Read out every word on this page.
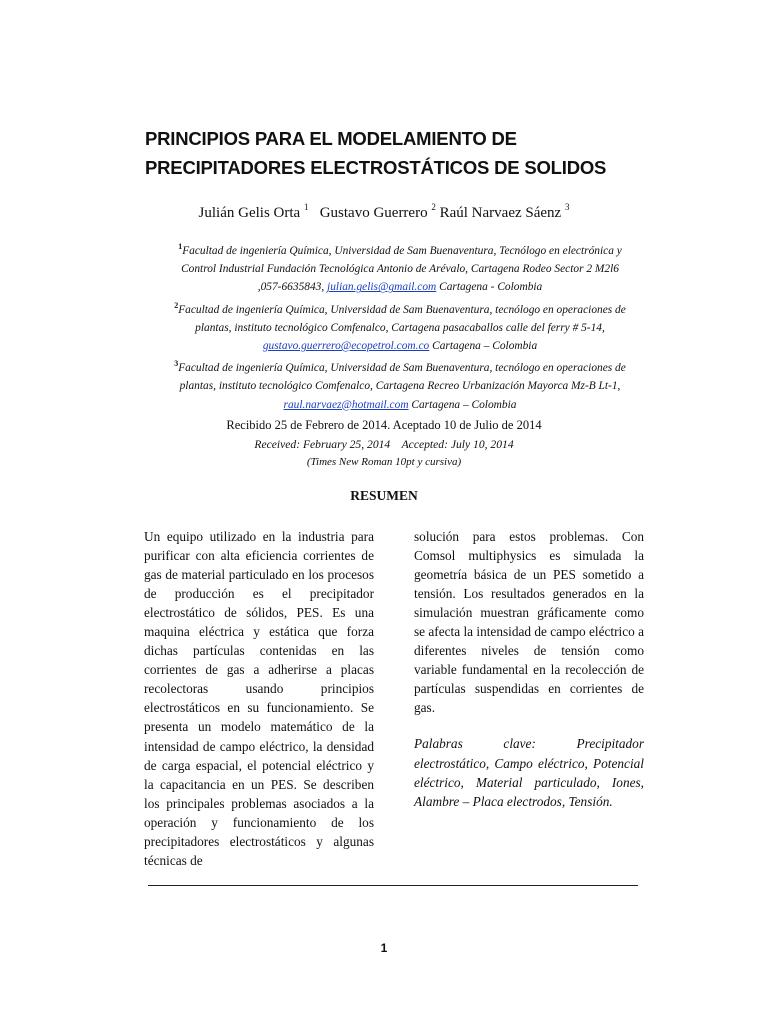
PRINCIPIOS PARA EL MODELAMIENTO DE
PRECIPITADORES ELECTROSTÁTICOS DE SOLIDOS
Julián Gelis Orta $^1$ Gustavo Guerrero $^2$ Raúl Narvaez Sáenz $^3$
$^1$Facultad de ingeniería Química, Universidad de Sam Buenaventura, Tecnólogo en electrónica y
Control Industrial Fundación Tecnológica Antonio de Arévalo, Cartagena Rodeo Sector 2 M2l6
,057-6635843, julian.gelis@gmail.com Cartagena - Colombia
$^2$Facultad de ingeniería Química, Universidad de Sam Buenaventura, tecnólogo en operaciones de
plantas, instituto tecnológico Comfenalco, Cartagena pasacaballos calle del ferry # 5-14,
gustavo.guerrero@ecopetrol.com.co Cartagena – Colombia
$^3$Facultad de ingeniería Química, Universidad de Sam Buenaventura, tecnólogo en operaciones de
plantas, instituto tecnológico Comfenalco, Cartagena Recreo Urbanización Mayorca Mz-B Lt-1,
raul.narvaez@hotmail.com Cartagena – Colombia
Recibido 25 de Febrero de 2014. Aceptado 10 de Julio de 2014
Received: February 25, 2014    Accepted: July 10, 2014
(Times New Roman 10pt y cursiva)
RESUMEN

Un equipo utilizado en la industria para purificar con alta eficiencia corrientes de gas de material particulado en los procesos de producción es el precipitador electrostático de sólidos, PES. Es una maquina eléctrica y estática que forza dichas partículas contenidas en las corrientes de gas a adherirse a placas recolectoras usando principios electrostáticos en su funcionamiento. Se presenta un modelo matemático de la intensidad de campo eléctrico, la densidad de carga espacial, el potencial eléctrico y la capacitancia en un PES. Se describen los principales problemas asociados a la operación y funcionamiento de los precipitadores electrostáticos y algunas técnicas de

solución para estos problemas. Con Comsol multiphysics es simulada la geometría básica de un PES sometido a tensión. Los resultados generados en la simulación muestran gráficamente como se afecta la intensidad de campo eléctrico a diferentes niveles de tensión como variable fundamental en la recolección de partículas suspendidas en corrientes de gas.

Palabras clave: Precipitador electrostático, Campo eléctrico, Potencial eléctrico, Material particulado, Iones, Alambre – Placa electrodos, Tensión.

1
